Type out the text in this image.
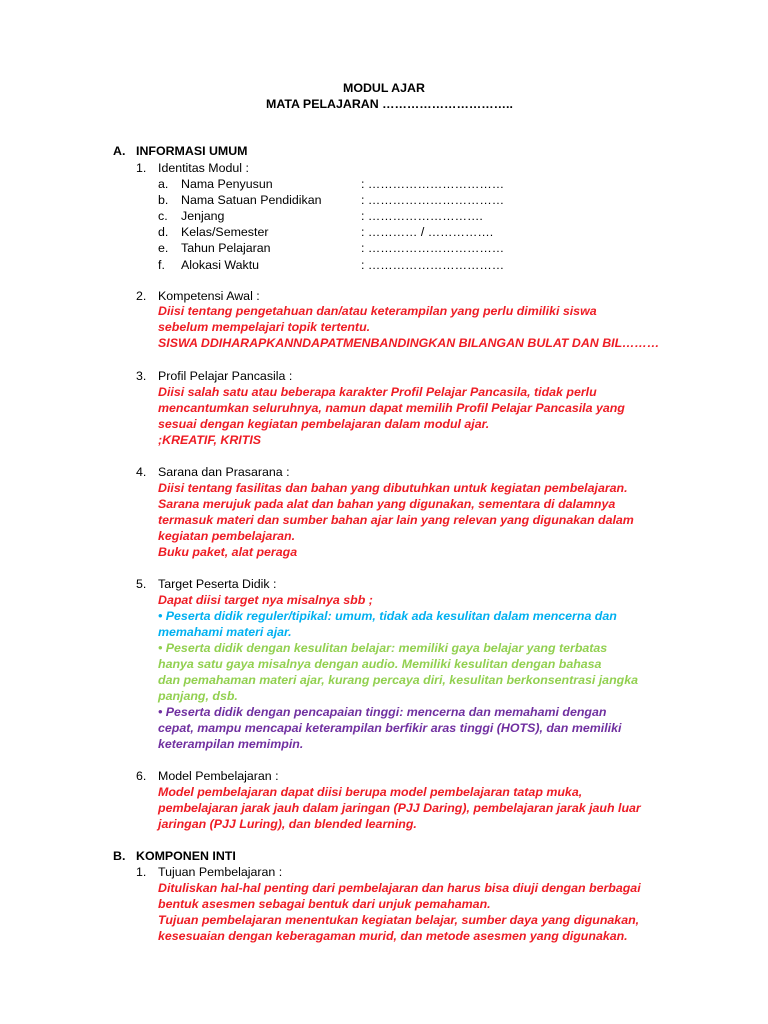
MODUL AJAR
MATA PELAJARAN …………………………..
A. INFORMASI UMUM
1. Identitas Modul :
a. Nama Penyusun	: ……………………………
b. Nama Satuan Pendidikan	: ……………………………
c. Jenjang	: ……………………….
d. Kelas/Semester	: ………… / …………….
e. Tahun Pelajaran	: ……………………………
f. Alokasi Waktu	: ……………………………
2. Kompetensi Awal :
Diisi tentang pengetahuan dan/atau keterampilan yang perlu dimiliki siswa
sebelum mempelajari topik tertentu.
SISWA DDIHARAPKANNDAPATMENBANDINGKAN BILANGAN BULAT DAN BIL………
3. Profil Pelajar Pancasila :
Diisi salah satu atau beberapa karakter Profil Pelajar Pancasila, tidak perlu
mencantumkan seluruhnya, namun dapat memilih Profil Pelajar Pancasila yang
sesuai dengan kegiatan pembelajaran dalam modul ajar.
;KREATIF, KRITIS
4. Sarana dan Prasarana :
Diisi tentang fasilitas dan bahan yang dibutuhkan untuk kegiatan pembelajaran.
Sarana merujuk pada alat dan bahan yang digunakan, sementara di dalamnya
termasuk materi dan sumber bahan ajar lain yang relevan yang digunakan dalam
kegiatan pembelajaran.
Buku paket, alat peraga
5. Target Peserta Didik :
Dapat diisi target nya misalnya sbb ;
• Peserta didik reguler/tipikal: umum, tidak ada kesulitan dalam mencerna dan
memahami materi ajar.
• Peserta didik dengan kesulitan belajar: memiliki gaya belajar yang terbatas
hanya satu gaya misalnya dengan audio. Memiliki kesulitan dengan bahasa
dan pemahaman materi ajar, kurang percaya diri, kesulitan berkonsentrasi jangka
panjang, dsb.
• Peserta didik dengan pencapaian tinggi: mencerna dan memahami dengan
cepat, mampu mencapai keterampilan berfikir aras tinggi (HOTS), dan memiliki
keterampilan memimpin.
6. Model Pembelajaran :
Model pembelajaran dapat diisi berupa model pembelajaran tatap muka,
pembelajaran jarak jauh dalam jaringan (PJJ Daring), pembelajaran jarak jauh luar
jaringan (PJJ Luring), dan blended learning.
B. KOMPONEN INTI
1. Tujuan Pembelajaran :
Dituliskan hal-hal penting dari pembelajaran dan harus bisa diuji dengan berbagai
bentuk asesmen sebagai bentuk dari unjuk pemahaman.
Tujuan pembelajaran menentukan kegiatan belajar, sumber daya yang digunakan,
kesesuaian dengan keberagaman murid, dan metode asesmen yang digunakan.
